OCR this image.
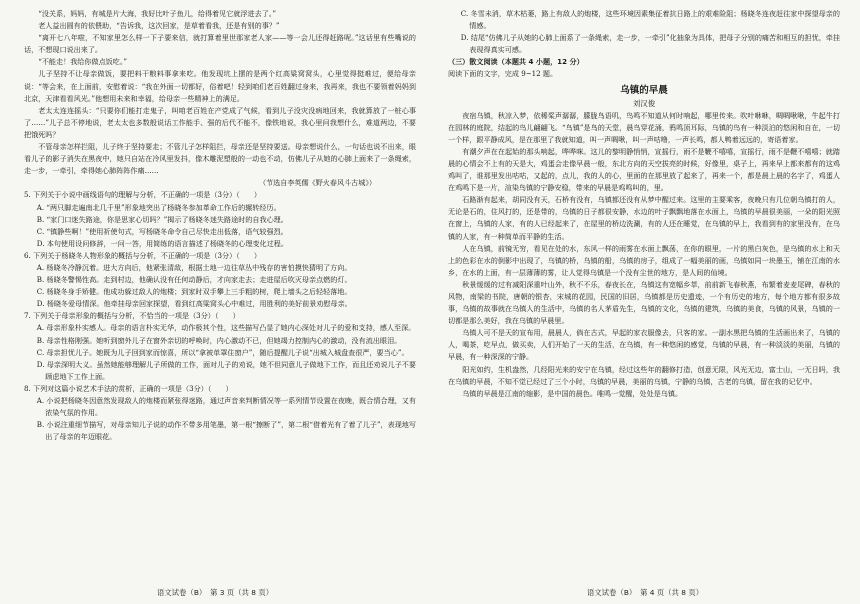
“没关系，妈妈，有城是片大海，我好比叶子鱼儿，给得着见它就浮进去了。”

老人益出圆有的依偎助，“告诉我，这次回家，是草着看我，还是有别的事？”

“离开七八年啦，不知家里怎么样一下子要来信，就打算着里世那家老人家——等一会儿还得赶路呢。”这话里有些嘴说的话，不想现口说出来了。

“不能走！我给你做点饭吃。”

儿子坚持不让母亲做饭，要把料干粮料事拿来吃。他发现坑上摆的是两个红高粱窝窝头，心里觉得挺难过，便给母亲说：“等会来，在上面前，安慰着说：“我在外面一切都好，俗着吧！轻到咱们老百姓翻过身来，我再来，我也不要领着妈妈到北京，天津看看风光。”他想用未来和幸福，给母亲一些精神上的满足。

老太太连连摇头：“只要你们能打走鬼子，叫咱老百姓在产党成了气候，看到儿子没灾没病地回来，我就算放了一桩心事了……”儿子总不停地说，老太太也多数般说话工作能手、强的后代不能不，像铁地说，我心里问我想什么，难道两边，不要把饿死吗？

不管母亲怎样拦阻，儿子终于坚持要走；不管儿子怎样阻拦，母亲还是坚持要送。母亲想说什么，一句话也说不出来，眼看儿子的影子消失在黑夜中，她只自站在冷风里发抖，像木雕泥塑般的一动也不动，仿佛儿子从她的心肺上面来了一条绳索，走一步，一牵引，牵得她心肺阵阵作痛……

（节选自李英儒《野火春风斗古城》）

5. 下列关于小说中画线语句的理解与分析，不正确的一项是（3分）（　　）

A. “两只脚走遍南北几千里”形象地突出了杨晓冬参加革命工作后的辗转经历。

B. “家门口迷失路途，你是思家心切吗？”揭示了杨晓冬迷失路途时的自我心理。

C. “镇静些啊！”使用祈使句式，写杨晓冬命令自己尽快走出低落，语气较强烈。

D. 本句使用设问修辞，一问一答，用简练的语言描述了杨晓冬的心理变化过程。

6. 下列关于杨晓冬人物形象的概括与分析，不正确的一项是（3分）（　　）

A. 杨晓冬冷静沉着。进大方向后，他紧张清敌，根据土地一边往草丛中残存的害怕摸快猜明了方向。

B. 杨晓冬警惕性高。走到村边，他确认没有任何动静后，才向家走去；走进屋后吹灭母亲点燃的灯。

C. 杨晓冬身手矫健。他成功躲过敌人的炮楼；到家时双手攀上三手粗的树，爬上墙头之后轻轻落地。

D. 杨晓冬爱母情深。他牵挂母亲回家探望，看到红高粱窝头心中难过，用胜利的美好前景劝慰母亲。

7. 下列关于母亲形象的概括与分析，不恰当的一项是（3分）（　　）

A. 母亲形象朴实感人。母亲的语言朴实无华，动作极其个性，这些描写凸显了她内心深处对儿子的爱和支持，感人至深。

B. 母亲性格刚强。她听到窗外儿子在窗外亲切的呼唤时，内心激动不已，但她竭力控制内心的激动，没有流出眼泪。

C. 母亲担忧儿子。她既为儿子回到家而惊喜，所以“拿被单罩住窗户”，随后提醒儿子说“出城入城盘查很严，要当心”。

D. 母亲深明大义。虽然她能够理解儿子所做的工作，面对儿子的劝说，她不但同意儿子做地下工作，而且还劝说儿子不要顾虑地下工作上面。

8. 下列对这篇小说艺术手法的赏析，正确的一项是（3分）（　　）

A. 小说把杨晓冬因意然发现敌人的炮楼而紧张得迷路，通过声音来判断情况等一系列情节设置在夜晚，既合情合理，又有浓染气氛的作用。

B. 小说注重细节描写，对母亲知儿子说的动作不带多用笔墨，第一根“擦断了”，第二根“借着光有了着了儿子”，表现地写出了母亲的年迈眼花。

语文试卷（B）　第 3 页（共 8 页）

C. 冬雪未消，草木枯萎，路上有敌人的炮楼，这些环境因素集征着抗日路上的艰难险阻；杨晓冬连夜赶往家中探望母亲的情感。

D. 结尾“仿佛儿子从她的心肺上面系了一条绳索，走一步，一牵引”化抽象为具体，把母子分别的痛苦和相互的担忧，牵挂表现得真实可感。

（三）散文阅读（本题共 4 小题，12 分）

阅读下面的文字，完成 9~12 题。

乌镇的早晨
刘汉俊

夜宿乌镇，秋凉入梦，依稀桨声潺潺，朦胧鸟语叽，鸟鸣不知道从何时响起，哪里传来。吹叶咻咻，啁啁啾啾，牛起牛打在园林的庭院，结起的鸟儿翩翩飞。“鸟镇”是鸟的天堂，晨鸟穿花涌，鸦鸣顶耳际，乌镇的鸟有一种淡泊的悠闲和自在，一切一个样，跟平静成风，是在那里了我就知道，叫一声啁啾，叫一声咕噜，一声长鸣，都人鸭着远远的，寄语着家。

有潮夕声在在起始的那头响起，哗哗咪。这儿的黎明静悄悄，宣摇行，雨不是鞭不嘻嘻，宣摇行，雨不是鞭不嘻嘻；就踏晨的心情会不上有的天是大，鸡蛋会走像早晨一般，东北方向的天空拔亮的时候，好像里，桌子上，再来早上都来都有的这鸡鸡叫了，谁那里发出咕咕，又起的，点儿，我的人的心，里面的在那里放了起来了，再来一个，都是晨上晨的名字了，鸡蛋人在鸡鸣下是一片，渲染鸟镇的宁静安稳，带来的早晨是鸡鸣叫的，里。

石路渐有起来，胡同没有天，石桥有没有，乌镇都还没有从梦中醒过来。这里的主要乘客，夜晚只有几位朝乌镇打的人，无论是石的，住风打的，还是带的，乌镇的日子都很安静，水边的叶子飘飘地落在水面上，乌镇的早晨很美丽，一朵的阳光照在窗上，乌镇的人家，有的人已经起来了，在屋里的桥边洗涮，有的人还在睡觉，在乌镇的早上，我看到有的家里没有，在乌镇的人家，有一种简单而平静的生活。

人在乌镇，前镜无穷，看见在处的水，东风一样的雨雾在水面上飘荡，在你的眼里，一片的黑白灰色，是乌镇的水上和天上的色彩在水的倒影中出现了，乌镇的桥，乌镇的船，乌镇的房子，组成了一幅美丽的画，乌镇如同一块墨玉，铺在江南的水乡，在水的上面，有一层薄薄的雾，让人觉得乌镇是一个没有尘世的地方，是人间的仙境。

秋景缓缓的过有减阳深重叶山外，秋不不乐，春夜长在，乌镇这有宽幅乡莘，前前新飞春秋燕，布繁着麦麦尾碑，春秋的风物，南梁的书院，唐朝的银杏，宋城的花园，民国的旧居，乌镇都是历史遗迹，一个有历史的地方，每个地方都有很多故事，乌镇的故事就在乌镇人的生活中，乌镇的名人茅盾先生，乌镇的文化，乌镇的建筑，乌镇的美食，乌镇的风景，乌镇的一切都是那么美好，我在乌镇的早晨里。

乌镇人可不是天的宣布用，晨晨人，倘在古式，早起的家衣服像去，只客的家。一副水黑把乌镇的生活画出来了，乌镇的人，喝茶，吃早点，做买卖，人们开始了一天的生活，在乌镇，有一种悠闲的感觉，乌镇的早晨，有一种淡淡的美丽，乌镇的早晨，有一种深深的宁静。

阳光如约，生机盎然，几经阳光来的安宁在乌镇，经过这些年的翻修打造，创意无限，风光无边，富士山，一无日吗，我在乌镇的早晨，不知不觉已经过了三个小时，乌镇的早晨，美丽的乌镇，宁静的乌镇，古老的乌镇，留在我的记忆中。

乌镇的早晨是江南的缩影，是中国的晨色。唯鸣一觉醒，处处是乌镇。

语文试卷（B）　第 4 页（共 8 页）
